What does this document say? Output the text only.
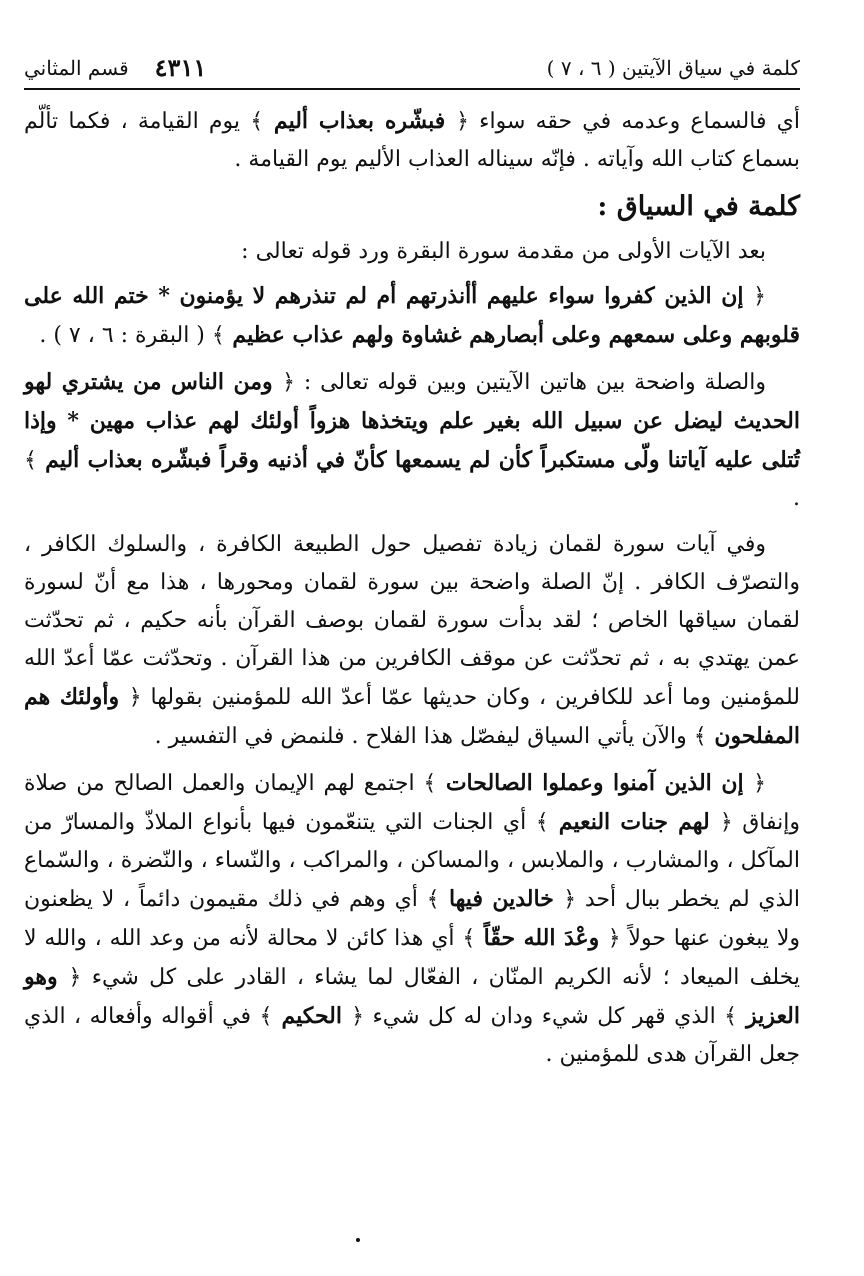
كلمة في سياق الآيتين ( ٦ ، ٧ )
قسم المثاني ٤٣١١

أي فالسماع وعدمه في حقه سواء ﴿ فبشّره بعذاب أليم ﴾ يوم القيامة ، فكما تألّم بسماع كتاب الله وآياته . فإنّه سيناله العذاب الأليم يوم القيامة .

كلمة في السياق :

بعد الآيات الأولى من مقدمة سورة البقرة ورد قوله تعالى :

﴿ إن الذين كفروا سواء عليهم أأنذرتهم أم لم تنذرهم لا يؤمنون * ختم الله على قلوبهم وعلى سمعهم وعلى أبصارهم غشاوة ولهم عذاب عظيم ﴾ ( البقرة : ٦ ، ٧ ) .

والصلة واضحة بين هاتين الآيتين وبين قوله تعالى : ﴿ ومن الناس من يشتري لهو الحديث ليضل عن سبيل الله بغير علم ويتخذها هزواً أولئك لهم عذاب مهين * وإذا تُتلى عليه آياتنا ولّى مستكبراً كأن لم يسمعها كأنّ في أذنيه وقراً فبشّره بعذاب أليم ﴾ .

وفي آيات سورة لقمان زيادة تفصيل حول الطبيعة الكافرة ، والسلوك الكافر ، والتصرّف الكافر . إنّ الصلة واضحة بين سورة لقمان ومحورها ، هذا مع أنّ لسورة لقمان سياقها الخاص ؛ لقد بدأت سورة لقمان بوصف القرآن بأنه حكيم ، ثم تحدّثت عمن يهتدي به ، ثم تحدّثت عن موقف الكافرين من هذا القرآن . وتحدّثت عمّا أعدّ الله للمؤمنين وما أعد للكافرين ، وكان حديثها عمّا أعدّ الله للمؤمنين بقولها ﴿ وأولئك هم المفلحون ﴾ والآن يأتي السياق ليفصّل هذا الفلاح . فلنمض في التفسير .

﴿ إن الذين آمنوا وعملوا الصالحات ﴾ اجتمع لهم الإيمان والعمل الصالح من صلاة وإنفاق ﴿ لهم جنات النعيم ﴾ أي الجنات التي يتنعّمون فيها بأنواع الملاذّ والمسارّ من المآكل ، والمشارب ، والملابس ، والمساكن ، والمراكب ، والنّساء ، والنّضرة ، والسّماع الذي لم يخطر ببال أحد ﴿ خالدين فيها ﴾ أي وهم في ذلك مقيمون دائماً ، لا يظعنون ولا يبغون عنها حولاً ﴿ وعْدَ الله حقّاً ﴾ أي هذا كائن لا محالة لأنه من وعد الله ، والله لا يخلف الميعاد ؛ لأنه الكريم المنّان ، الفعّال لما يشاء ، القادر على كل شيء ﴿ وهو العزيز ﴾ الذي قهر كل شيء ودان له كل شيء ﴿ الحكيم ﴾ في أقواله وأفعاله ، الذي جعل القرآن هدى للمؤمنين .
